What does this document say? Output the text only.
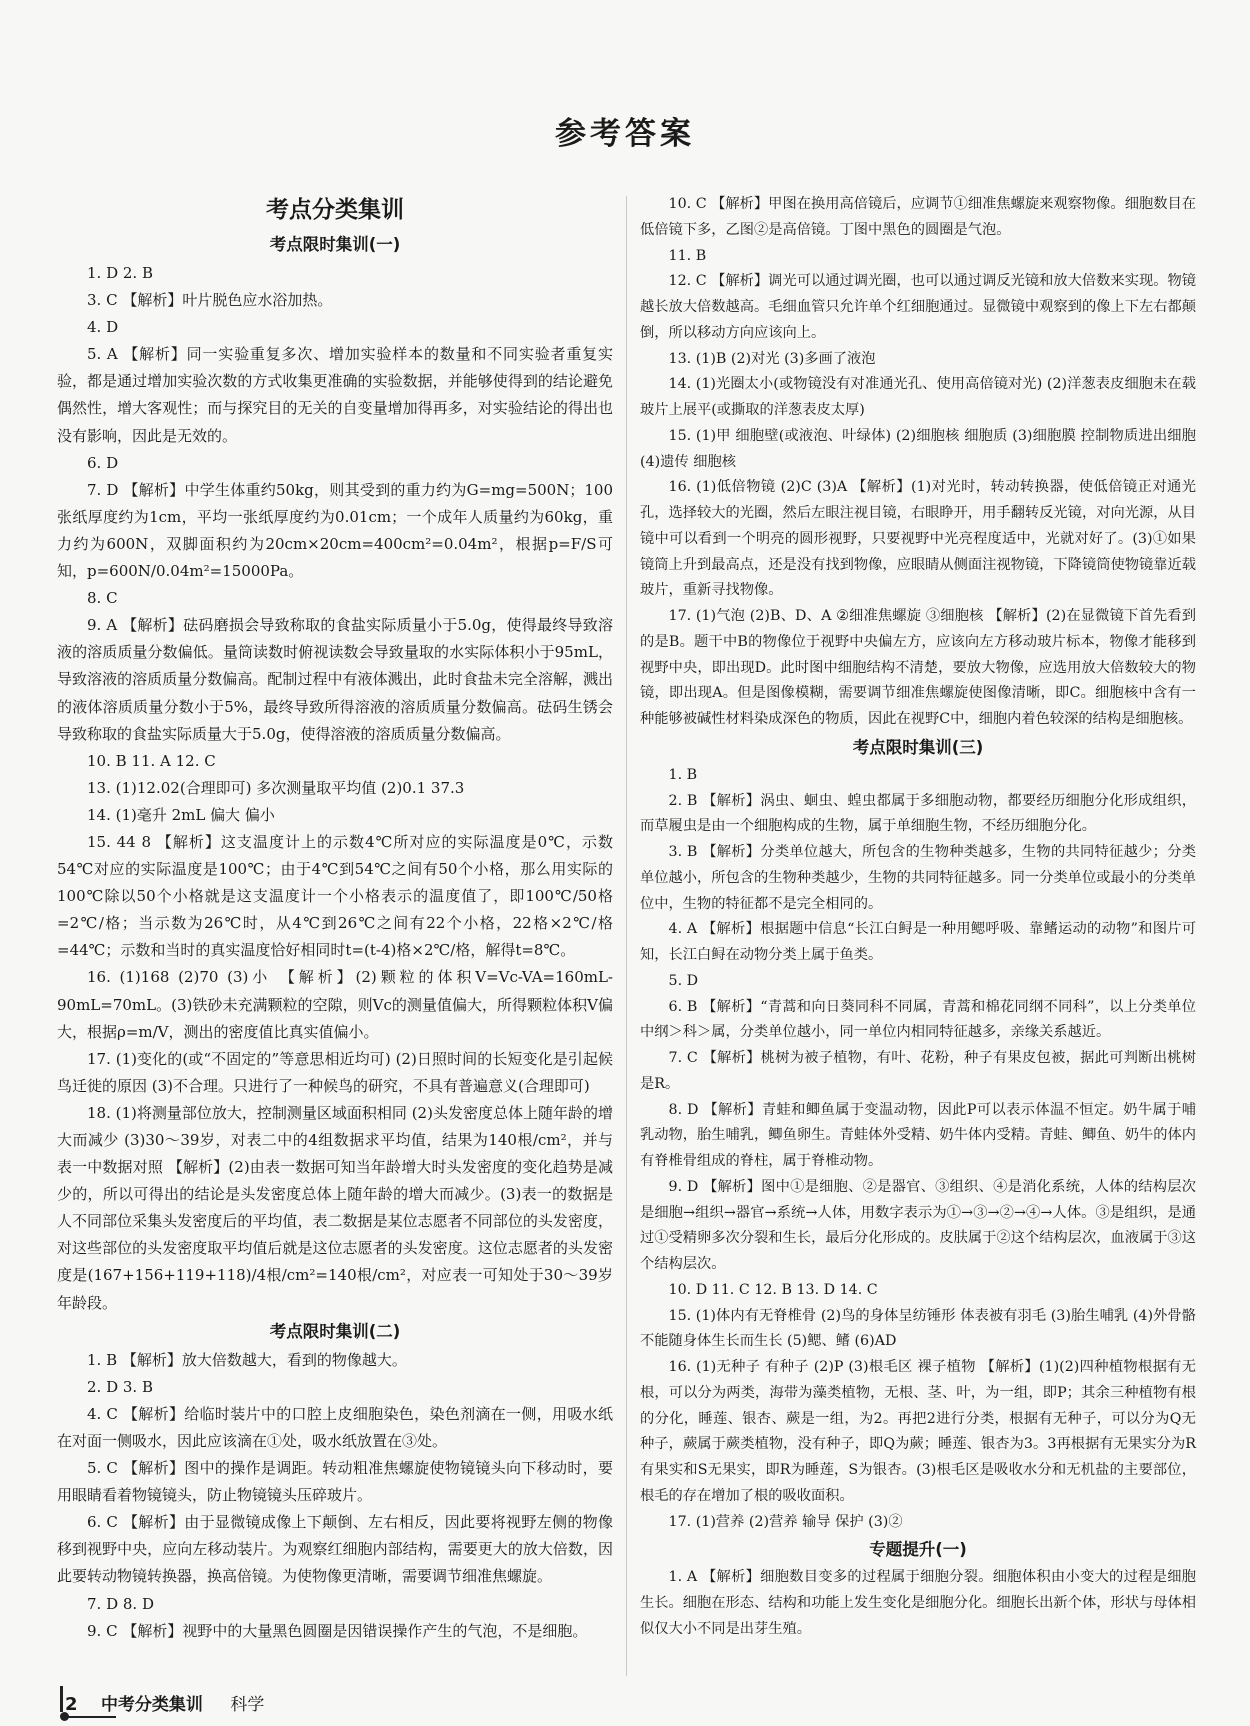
参考答案
考点分类集训
考点限时集训(一)

1. D 2. B

3. C 【解析】叶片脱色应水浴加热。

4. D

5. A 【解析】同一实验重复多次、增加实验样本的数量和不同实验者重复实验，都是通过增加实验次数的方式收集更准确的实验数据，并能够使得到的结论避免偶然性，增大客观性；而与探究目的无关的自变量增加得再多，对实验结论的得出也没有影响，因此是无效的。

6. D

7. D 【解析】中学生体重约50kg，则其受到的重力约为G=mg=500N；100张纸厚度约为1cm，平均一张纸厚度约为0.01cm；一个成年人质量约为60kg，重力约为600N，双脚面积约为20cm×20cm=400cm²=0.04m²，根据p=F/S可知，p=600N/0.04m²=15000Pa。

8. C

9. A 【解析】砝码磨损会导致称取的食盐实际质量小于5.0g，使得最终导致溶液的溶质质量分数偏低。量筒读数时俯视读数会导致量取的水实际体积小于95mL，导致溶液的溶质质量分数偏高。配制过程中有液体溅出，此时食盐未完全溶解，溅出的液体溶质质量分数小于5%，最终导致所得溶液的溶质质量分数偏高。砝码生锈会导致称取的食盐实际质量大于5.0g，使得溶液的溶质质量分数偏高。

10. B 11. A 12. C

13. (1)12.02(合理即可) 多次测量取平均值 (2)0.1 37.3

14. (1)毫升 2mL 偏大 偏小

15. 44 8 【解析】这支温度计上的示数4℃所对应的实际温度是0℃，示数54℃对应的实际温度是100℃；由于4℃到54℃之间有50个小格，那么用实际的100℃除以50个小格就是这支温度计一个小格表示的温度值了，即100℃/50格=2℃/格；当示数为26℃时，从4℃到26℃之间有22个小格，22格×2℃/格=44℃；示数和当时的真实温度恰好相同时t=(t-4)格×2℃/格，解得t=8℃。

16. (1)168 (2)70 (3)小 【解析】(2)颗粒的体积V=Vc-VA=160mL-90mL=70mL。(3)铁砂未充满颗粒的空隙，则Vc的测量值偏大，所得颗粒体积V偏大，根据ρ=m/V，测出的密度值比真实值偏小。

17. (1)变化的(或“不固定的”等意思相近均可) (2)日照时间的长短变化是引起候鸟迁徙的原因 (3)不合理。只进行了一种候鸟的研究，不具有普遍意义(合理即可)

18. (1)将测量部位放大，控制测量区域面积相同 (2)头发密度总体上随年龄的增大而减少 (3)30～39岁，对表二中的4组数据求平均值，结果为140根/cm²，并与表一中数据对照 【解析】(2)由表一数据可知当年龄增大时头发密度的变化趋势是减少的，所以可得出的结论是头发密度总体上随年龄的增大而减少。(3)表一的数据是人不同部位采集头发密度后的平均值，表二数据是某位志愿者不同部位的头发密度，对这些部位的头发密度取平均值后就是这位志愿者的头发密度。这位志愿者的头发密度是(167+156+119+118)/4根/cm²=140根/cm²，对应表一可知处于30～39岁年龄段。

考点限时集训(二)

1. B 【解析】放大倍数越大，看到的物像越大。

2. D 3. B

4. C 【解析】给临时装片中的口腔上皮细胞染色，染色剂滴在一侧，用吸水纸在对面一侧吸水，因此应该滴在①处，吸水纸放置在③处。

5. C 【解析】图中的操作是调距。转动粗准焦螺旋使物镜镜头向下移动时，要用眼睛看着物镜镜头，防止物镜镜头压碎玻片。

6. C 【解析】由于显微镜成像上下颠倒、左右相反，因此要将视野左侧的物像移到视野中央，应向左移动装片。为观察红细胞内部结构，需要更大的放大倍数，因此要转动物镜转换器，换高倍镜。为使物像更清晰，需要调节细准焦螺旋。

7. D 8. D

9. C 【解析】视野中的大量黑色圆圈是因错误操作产生的气泡，不是细胞。

10. C 【解析】甲图在换用高倍镜后，应调节①细准焦螺旋来观察物像。细胞数目在低倍镜下多，乙图②是高倍镜。丁图中黑色的圆圈是气泡。

11. B

12. C 【解析】调光可以通过调光圈，也可以通过调反光镜和放大倍数来实现。物镜越长放大倍数越高。毛细血管只允许单个红细胞通过。显微镜中观察到的像上下左右都颠倒，所以移动方向应该向上。

13. (1)B (2)对光 (3)多画了液泡

14. (1)光圈太小(或物镜没有对准通光孔、使用高倍镜对光) (2)洋葱表皮细胞未在载玻片上展平(或撕取的洋葱表皮太厚)

15. (1)甲 细胞壁(或液泡、叶绿体) (2)细胞核 细胞质 (3)细胞膜 控制物质进出细胞 (4)遗传 细胞核

16. (1)低倍物镜 (2)C (3)A 【解析】(1)对光时，转动转换器，使低倍镜正对通光孔，选择较大的光圈，然后左眼注视目镜，右眼睁开，用手翻转反光镜，对向光源，从目镜中可以看到一个明亮的圆形视野，只要视野中光亮程度适中，光就对好了。(3)①如果镜筒上升到最高点，还是没有找到物像，应眼睛从侧面注视物镜，下降镜筒使物镜靠近载玻片，重新寻找物像。

17. (1)气泡 (2)B、D、A ②细准焦螺旋 ③细胞核 【解析】(2)在显微镜下首先看到的是B。题干中B的物像位于视野中央偏左方，应该向左方移动玻片标本，物像才能移到视野中央，即出现D。此时图中细胞结构不清楚，要放大物像，应选用放大倍数较大的物镜，即出现A。但是图像模糊，需要调节细准焦螺旋使图像清晰，即C。细胞核中含有一种能够被碱性材料染成深色的物质，因此在视野C中，细胞内着色较深的结构是细胞核。

考点限时集训(三)

1. B

2. B 【解析】涡虫、蛔虫、蝗虫都属于多细胞动物，都要经历细胞分化形成组织，而草履虫是由一个细胞构成的生物，属于单细胞生物，不经历细胞分化。

3. B 【解析】分类单位越大，所包含的生物种类越多，生物的共同特征越少；分类单位越小，所包含的生物种类越少，生物的共同特征越多。同一分类单位或最小的分类单位中，生物的特征都不是完全相同的。

4. A 【解析】根据题中信息“长江白鲟是一种用鳃呼吸、靠鳍运动的动物”和图片可知，长江白鲟在动物分类上属于鱼类。

5. D

6. B 【解析】“青蒿和向日葵同科不同属，青蒿和棉花同纲不同科”，以上分类单位中纲＞科＞属，分类单位越小，同一单位内相同特征越多，亲缘关系越近。

7. C 【解析】桃树为被子植物，有叶、花粉，种子有果皮包被，据此可判断出桃树是R。

8. D 【解析】青蛙和鲫鱼属于变温动物，因此P可以表示体温不恒定。奶牛属于哺乳动物，胎生哺乳，鲫鱼卵生。青蛙体外受精、奶牛体内受精。青蛙、鲫鱼、奶牛的体内有脊椎骨组成的脊柱，属于脊椎动物。

9. D 【解析】图中①是细胞、②是器官、③组织、④是消化系统，人体的结构层次是细胞→组织→器官→系统→人体，用数字表示为①→③→②→④→人体。③是组织，是通过①受精卵多次分裂和生长，最后分化形成的。皮肤属于②这个结构层次，血液属于③这个结构层次。

10. D 11. C 12. B 13. D 14. C

15. (1)体内有无脊椎骨 (2)鸟的身体呈纺锤形 体表被有羽毛 (3)胎生哺乳 (4)外骨骼不能随身体生长而生长 (5)鳃、鳍 (6)AD

16. (1)无种子 有种子 (2)P (3)根毛区 裸子植物 【解析】(1)(2)四种植物根据有无根，可以分为两类，海带为藻类植物，无根、茎、叶，为一组，即P；其余三种植物有根的分化，睡莲、银杏、蕨是一组，为2。再把2进行分类，根据有无种子，可以分为Q无种子，蕨属于蕨类植物，没有种子，即Q为蕨；睡莲、银杏为3。3再根据有无果实分为R有果实和S无果实，即R为睡莲，S为银杏。(3)根毛区是吸收水分和无机盐的主要部位，根毛的存在增加了根的吸收面积。

17. (1)营养 (2)营养 输导 保护 (3)②

专题提升(一)

1. A 【解析】细胞数目变多的过程属于细胞分裂。细胞体积由小变大的过程是细胞生长。细胞在形态、结构和功能上发生变化是细胞分化。细胞长出新个体，形状与母体相似仅大小不同是出芽生殖。

2 中考分类集训 科学
